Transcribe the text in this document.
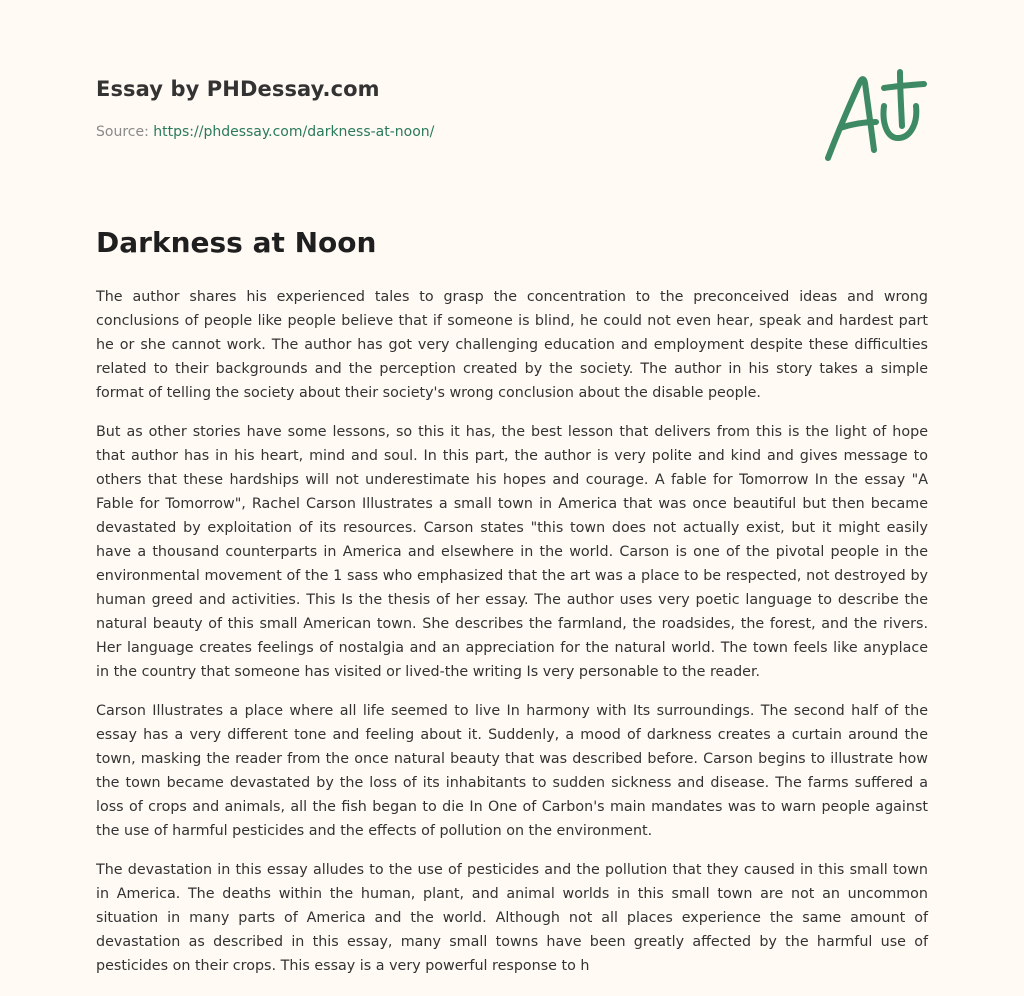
Essay by PHDessay.com
Source: https://phdessay.com/darkness-at-noon/
Darkness at Noon

The author shares his experienced tales to grasp the concentration to the preconceived ideas and wrong conclusions of people like people believe that if someone is blind, he could not even hear, speak and hardest part he or she cannot work. The author has got very challenging education and employment despite these difficulties related to their backgrounds and the perception created by the society. The author in his story takes a simple format of telling the society about their society's wrong conclusion about the disable people.

But as other stories have some lessons, so this it has, the best lesson that delivers from this is the light of hope that author has in his heart, mind and soul. In this part, the author is very polite and kind and gives message to others that these hardships will not underestimate his hopes and courage. A fable for Tomorrow In the essay "A Fable for Tomorrow", Rachel Carson Illustrates a small town in America that was once beautiful but then became devastated by exploitation of its resources. Carson states "this town does not actually exist, but it might easily have a thousand counterparts in America and elsewhere in the world. Carson is one of the pivotal people in the environmental movement of the 1 sass who emphasized that the art was a place to be respected, not destroyed by human greed and activities. This Is the thesis of her essay. The author uses very poetic language to describe the natural beauty of this small American town. She describes the farmland, the roadsides, the forest, and the rivers. Her language creates feelings of nostalgia and an appreciation for the natural world. The town feels like anyplace in the country that someone has visited or lived-the writing Is very personable to the reader.

Carson Illustrates a place where all life seemed to live In harmony with Its surroundings. The second half of the essay has a very different tone and feeling about it. Suddenly, a mood of darkness creates a curtain around the town, masking the reader from the once natural beauty that was described before. Carson begins to illustrate how the town became devastated by the loss of its inhabitants to sudden sickness and disease. The farms suffered a loss of crops and animals, all the fish began to die In One of Carbon's main mandates was to warn people against the use of harmful pesticides and the effects of pollution on the environment.

The devastation in this essay alludes to the use of pesticides and the pollution that they caused in this small town in America. The deaths within the human, plant, and animal worlds in this small town are not an uncommon situation in many parts of America and the world. Although not all places experience the same amount of devastation as described in this essay, many small towns have been greatly affected by the harmful use of pesticides on their crops. This essay is a very powerful response to h
